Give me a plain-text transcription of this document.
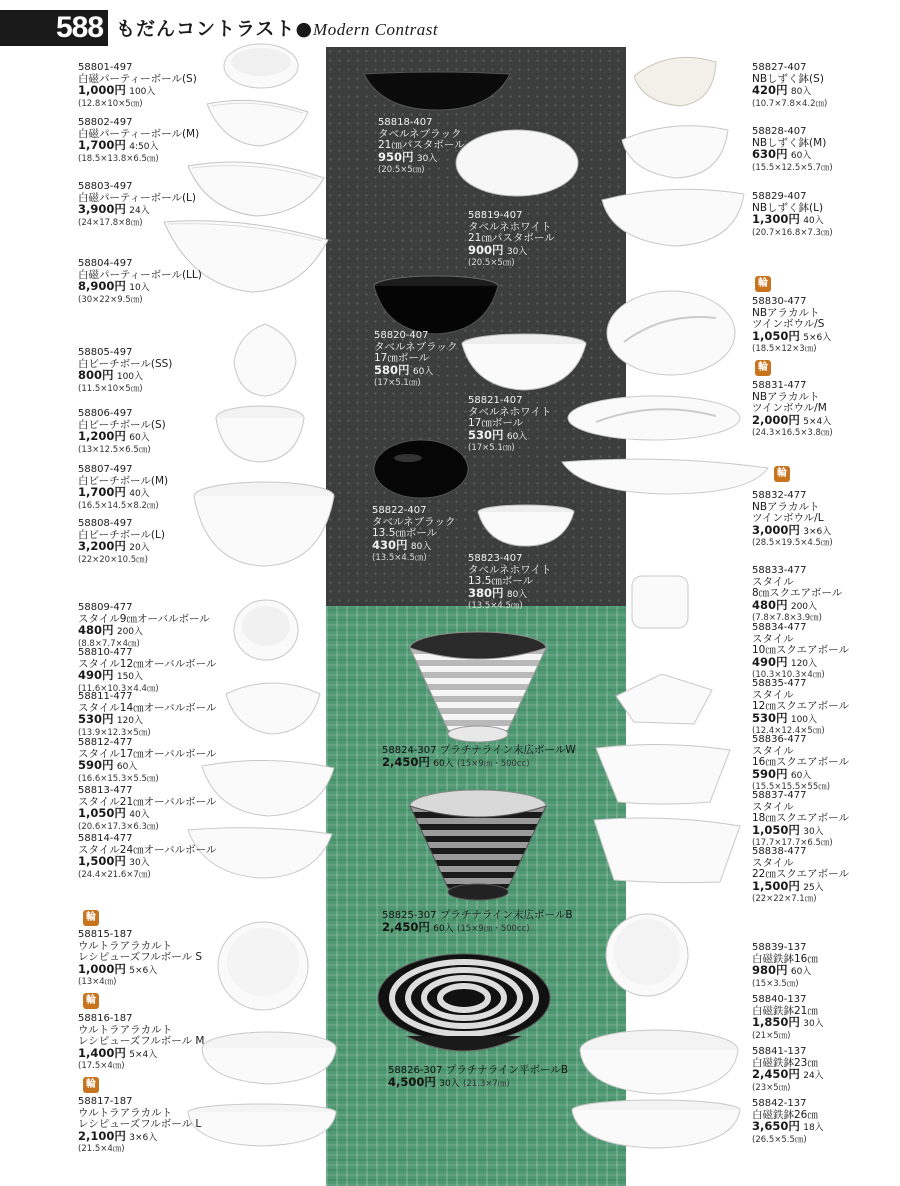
588 もだんコントラスト●Modern Contrast
輪
輪
輪
輪
輪
輪
58801-497
白磁パーティーボール(S)
1,000円 100入
(12.8×10×5㎝)
58802-497
白磁パーティーボール(M)
1,700円 4:50入
(18.5×13.8×6.5㎝)
58803-497
白磁パーティーボール(L)
3,900円 24入
(24×17.8×8㎝)
58804-497
白磁パーティーボール(LL)
8,900円 10入
(30×22×9.5㎝)
58805-497
白ビーチボール(SS)
800円 100入
(11.5×10×5㎝)
58806-497
白ビーチボール(S)
1,200円 60入
(13×12.5×6.5㎝)
58807-497
白ビーチボール(M)
1,700円 40入
(16.5×14.5×8.2㎝)
58808-497
白ビーチボール(L)
3,200円 20入
(22×20×10.5㎝)
58809-477
スタイル9㎝オーバルボール
480円 200入
(8.8×7.7×4㎝)
58810-477
スタイル12㎝オーバルボール
490円 150入
(11.6×10.3×4.4㎝)
58811-477
スタイル14㎝オーバルボール
530円 120入
(13.9×12.3×5㎝)
58812-477
スタイル17㎝オーバルボール
590円 60入
(16.6×15.3×5.5㎝)
58813-477
スタイル21㎝オーバルボール
1,050円 40入
(20.6×17.3×6.3㎝)
58814-477
スタイル24㎝オーバルボール
1,500円 30入
(24.4×21.6×7㎝)
58815-187
ウルトラアラカルト
レシピューズフルボール S
1,000円 5×6入
(13×4㎝)
58816-187
ウルトラアラカルト
レシピューズフルボール M
1,400円 5×4入
(17.5×4㎝)
58817-187
ウルトラアラカルト
レシピューズフルボール L
2,100円 3×6入
(21.5×4㎝)
58818-407
タベルネブラック
21㎝パスタボール
950円 30入
(20.5×5㎝)
58819-407
タベルネホワイト
21㎝パスタボール
900円 30入
(20.5×5㎝)
58820-407
タベルネブラック
17㎝ボール
580円 60入
(17×5.1㎝)
58821-407
タベルネホワイト
17㎝ボール
530円 60入
(17×5.1㎝)
58822-407
タベルネブラック
13.5㎝ボール
430円 80入
(13.5×4.5㎝)	58823-407
タベルネホワイト
13.5㎝ボール
380円 80入
(13.5×4.5㎝)
58824-307 プラチナライン末広ボールW
2,450円 60入 (15×9㎝・500cc)
58825-307 プラチナライン末広ボールB
2,450円 60入 (15×9㎝・500cc)
58826-307 プラチナライン平ボールB
4,500円 30入 (21.3×7㎝)
58827-407
NBしずく鉢(S)
420円 80入
(10.7×7.8×4.2㎝)
58828-407
NBしずく鉢(M)
630円 60入
(15.5×12.5×5.7㎝)
58829-407
NBしずく鉢(L)
1,300円 40入
(20.7×16.8×7.3㎝)
58830-477
NBアラカルト
ツインボウル/S
1,050円 5×6入
(18.5×12×3㎝)
58831-477
NBアラカルト
ツインボウル/M
2,000円 5×4入
(24.3×16.5×3.8㎝)
58832-477
NBアラカルト
ツインボウル/L
3,000円 3×6入
(28.5×19.5×4.5㎝)
58833-477
スタイル
8㎝スクエアボール
480円 200入
(7.8×7.8×3.9㎝)
58834-477
スタイル
10㎝スクエアボール
490円 120入
(10.3×10.3×4㎝)
58835-477
スタイル
12㎝スクエアボール
530円 100入
(12.4×12.4×5㎝)
58836-477
スタイル
16㎝スクエアボール
590円 60入
(15.5×15.5×55㎝)
58837-477
スタイル
18㎝スクエアボール
1,050円 30入
(17.7×17.7×6.5㎝)
58838-477
スタイル
22㎝スクエアボール
1,500円 25入
(22×22×7.1㎝)
58839-137
白磁鉄鉢16㎝
980円 60入
(15×3.5㎝)
58840-137
白磁鉄鉢21㎝
1,850円 30入
(21×5㎝)
58841-137
白磁鉄鉢23㎝
2,450円 24入
(23×5㎝)
58842-137
白磁鉄鉢26㎝
3,650円 18入
(26.5×5.5㎝)
